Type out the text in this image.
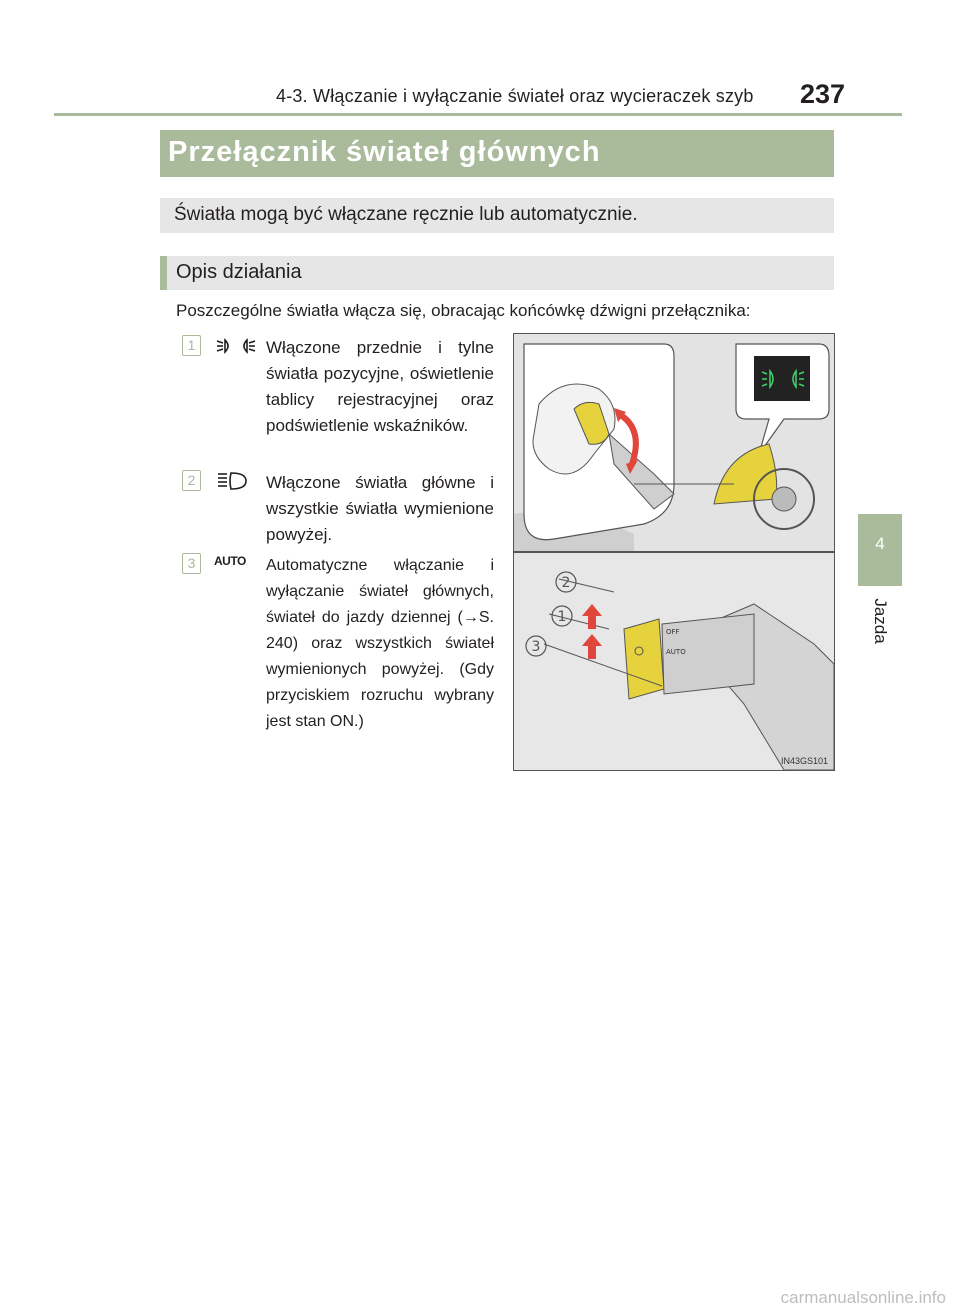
4-3. Włączanie i wyłączanie świateł oraz wycieraczek szyb 237
4
Jazda
Przełącznik świateł głównych
Światła mogą być włączane ręcznie lub automatycznie.
Opis działania
Poszczególne światła włącza się, obracając końcówkę dźwigni przełącznika:
1	Włączone przednie i tylne światła pozycyjne, oświetlenie tablicy rejestracyjnej oraz podświetlenie wskaźników.
2	Włączone światła główne i wszystkie światła wymienione powyżej.
3	AUTO Automatyczne włączanie i wyłączanie świateł głównych, świateł do jazdy dziennej (→S. 240) oraz wszystkich świateł wymienionych powyżej. (Gdy przyciskiem rozruchu wybrany jest stan ON.)
AUTO
OFF
2
1
3
IN43GS101
carmanualsonline.info
